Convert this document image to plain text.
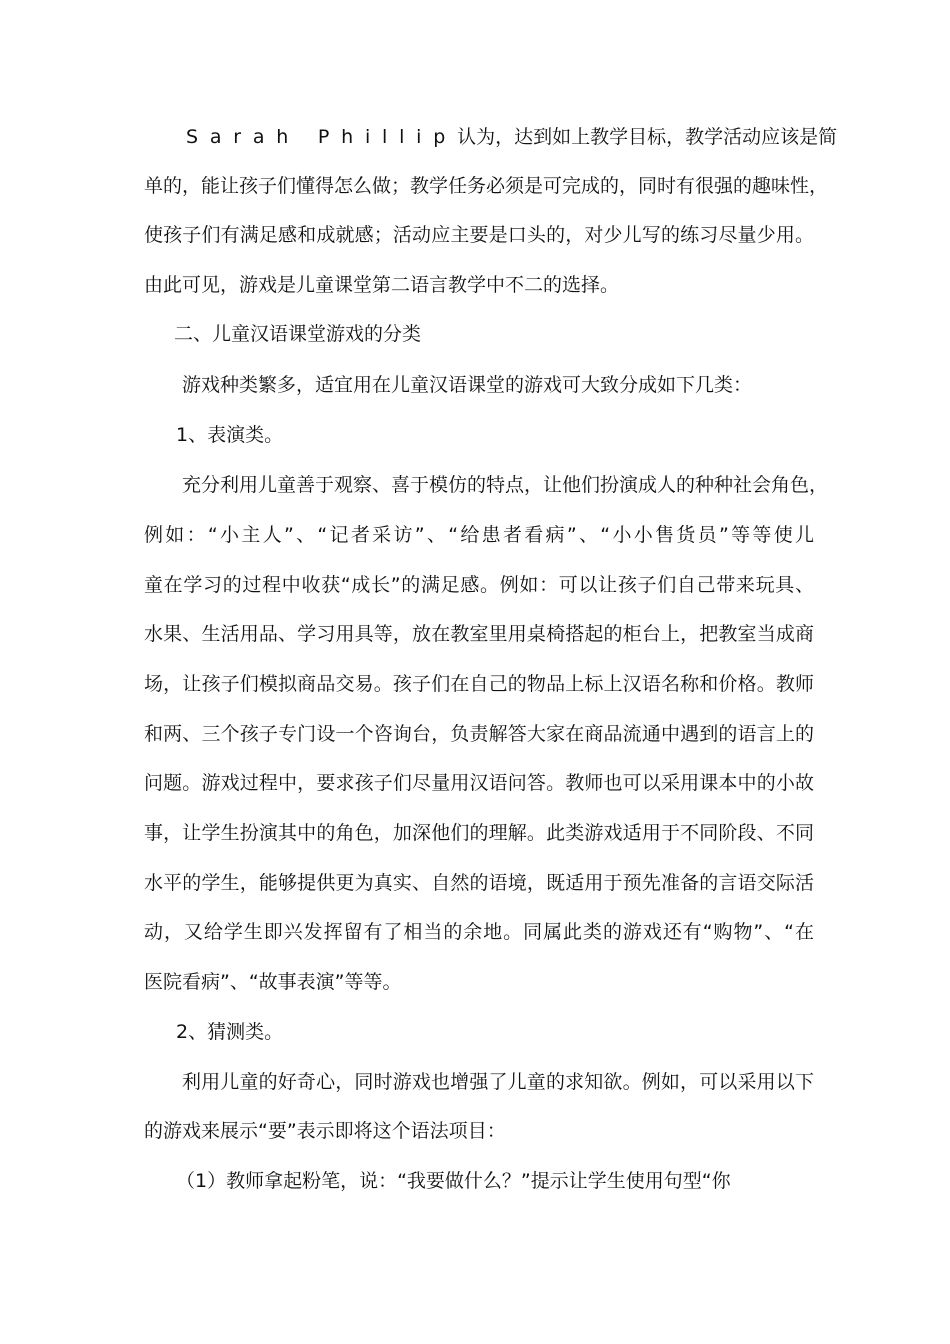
Sarah Phillip认为，达到如上教学目标，教学活动应该是简
单的，能让孩子们懂得怎么做；教学任务必须是可完成的，同时有很强的趣味性，
使孩子们有满足感和成就感；活动应主要是口头的，对少儿写的练习尽量少用。
由此可见，游戏是儿童课堂第二语言教学中不二的选择。
二、儿童汉语课堂游戏的分类
游戏种类繁多，适宜用在儿童汉语课堂的游戏可大致分成如下几类：
1、表演类。
充分利用儿童善于观察、喜于模仿的特点，让他们扮演成人的种种社会角色，
例如：“小主人”、“记者采访”、“给患者看病”、“小小售货员”等等使儿
童在学习的过程中收获“成长”的满足感。例如：可以让孩子们自己带来玩具、
水果、生活用品、学习用具等，放在教室里用桌椅搭起的柜台上，把教室当成商
场，让孩子们模拟商品交易。孩子们在自己的物品上标上汉语名称和价格。教师
和两、三个孩子专门设一个咨询台，负责解答大家在商品流通中遇到的语言上的
问题。游戏过程中，要求孩子们尽量用汉语问答。教师也可以采用课本中的小故
事，让学生扮演其中的角色，加深他们的理解。此类游戏适用于不同阶段、不同
水平的学生，能够提供更为真实、自然的语境，既适用于预先准备的言语交际活
动，又给学生即兴发挥留有了相当的余地。同属此类的游戏还有“购物”、“在
医院看病”、“故事表演”等等。
2、猜测类。
利用儿童的好奇心，同时游戏也增强了儿童的求知欲。例如，可以采用以下
的游戏来展示“要”表示即将这个语法项目：
（1）教师拿起粉笔，说：“我要做什么？”提示让学生使用句型“你
